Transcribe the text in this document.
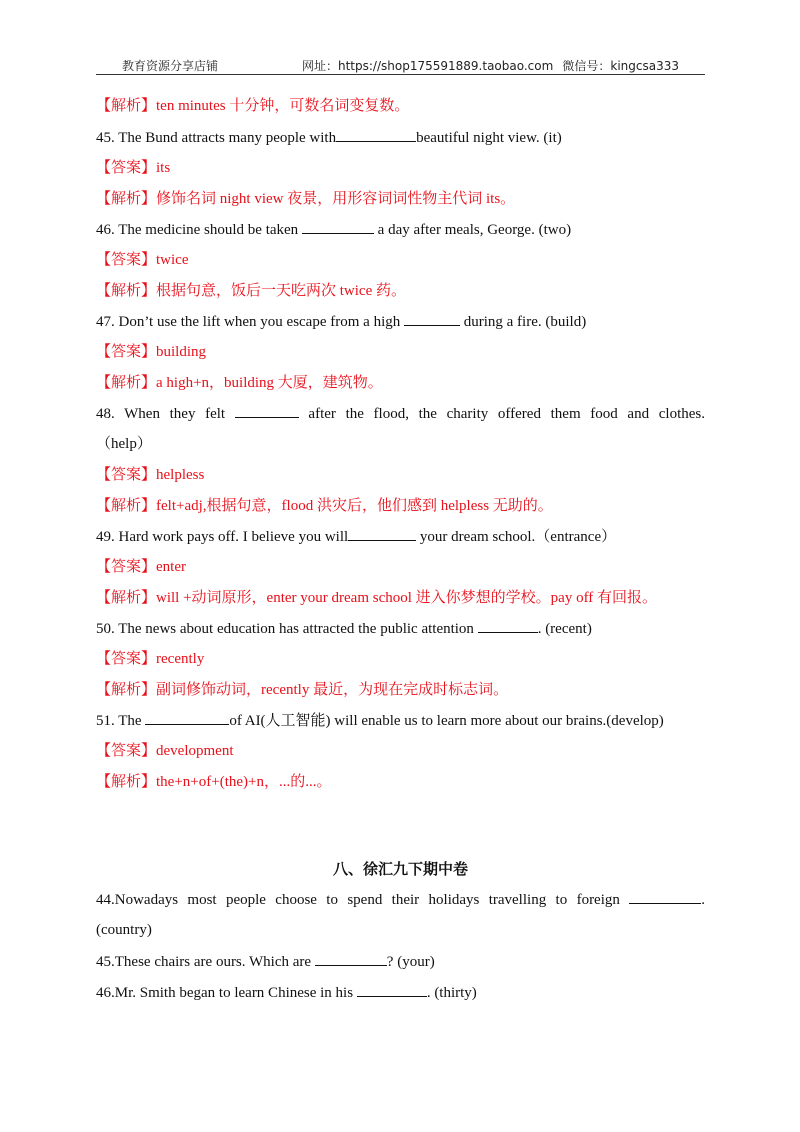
教育资源分享店铺	网址：https://shop175591889.taobao.com 微信号：kingcsa333

【解析】ten minutes 十分钟，可数名词变复数。

45. The Bund attracts many people with	beautiful night view. (it)

【答案】its

【解析】修饰名词 night view 夜景，用形容词词性物主代词 its。

46. The medicine should be taken	a day after meals, George. (two)

【答案】twice

【解析】根据句意，饭后一天吃两次 twice 药。

47. Don’t use the lift when you escape from a high	during a fire. (build)

【答案】building

【解析】a high+n，building 大厦，建筑物。

48. When they felt	after the flood, the charity offered them food and clothes.

（help）

【答案】helpless

【解析】felt+adj,根据句意，flood 洪灾后，他们感到 helpless 无助的。

49. Hard work pays off. I believe you will	your dream school.（entrance）

【答案】enter

【解析】will +动词原形，enter your dream school 进入你梦想的学校。pay off 有回报。

50. The news about education has attracted the public attention	. (recent)

【答案】recently

【解析】副词修饰动词，recently 最近，为现在完成时标志词。

51. The	of AI(人工智能) will enable us to learn more about our brains.(develop)

【答案】development

【解析】the+n+of+(the)+n，...的...。

八、徐汇九下期中卷

44.Nowadays most people choose to spend their holidays travelling to foreign	.

(country)

45.These chairs are ours. Which are	? (your)

46.Mr. Smith began to learn Chinese in his	. (thirty)
